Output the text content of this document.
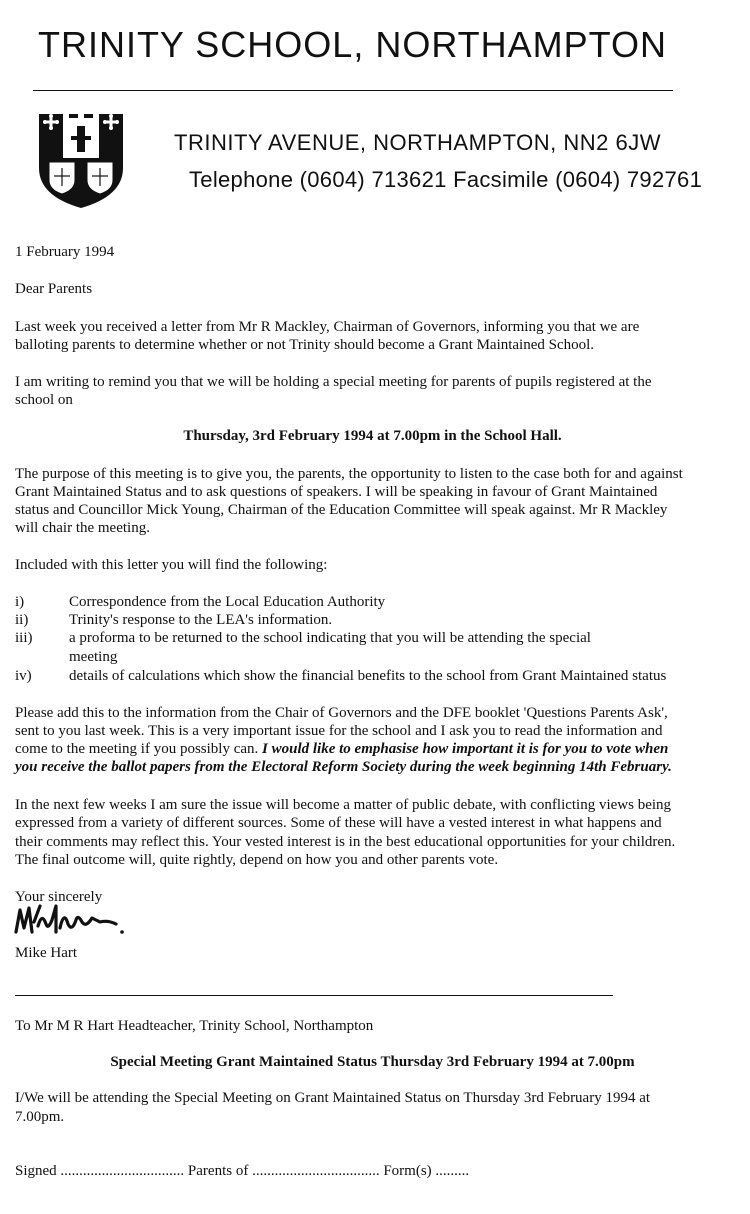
TRINITY SCHOOL, NORTHAMPTON
TRINITY AVENUE, NORTHAMPTON, NN2 6JW
Telephone (0604) 713621 Facsimile (0604) 792761
1 February 1994
Dear Parents
Last week you received a letter from Mr R Mackley, Chairman of Governors, informing you that we are
balloting parents to determine whether or not Trinity should become a Grant Maintained School.
I am writing to remind you that we will be holding a special meeting for parents of pupils registered at the
school on
Thursday, 3rd February 1994 at 7.00pm in the School Hall.
The purpose of this meeting is to give you, the parents, the opportunity to listen to the case both for and against
Grant Maintained Status and to ask questions of speakers. I will be speaking in favour of Grant Maintained
status and Councillor Mick Young, Chairman of the Education Committee will speak against. Mr R Mackley
will chair the meeting.
Included with this letter you will find the following:
i)	Correspondence from the Local Education Authority
ii)	Trinity's response to the LEA's information.
iii) a proforma to be returned to the school indicating that you will be attending the special
meeting
iv) details of calculations which show the financial benefits to the school from Grant Maintained status
Please add this to the information from the Chair of Governors and the DFE booklet 'Questions Parents Ask',
sent to you last week. This is a very important issue for the school and I ask you to read the information and
come to the meeting if you possibly can. I would like to emphasise how important it is for you to vote when
you receive the ballot papers from the Electoral Reform Society during the week beginning 14th February.
In the next few weeks I am sure the issue will become a matter of public debate, with conflicting views being
expressed from a variety of different sources. Some of these will have a vested interest in what happens and
their comments may reflect this. Your vested interest is in the best educational opportunities for your children.
The final outcome will, quite rightly, depend on how you and other parents vote.
Your sincerely
Mike Hart
To Mr M R Hart Headteacher, Trinity School, Northampton
Special Meeting Grant Maintained Status Thursday 3rd February 1994 at 7.00pm
I/We will be attending the Special Meeting on Grant Maintained Status on Thursday 3rd February 1994 at
7.00pm.
Signed ................................. Parents of .................................. Form(s) .........
